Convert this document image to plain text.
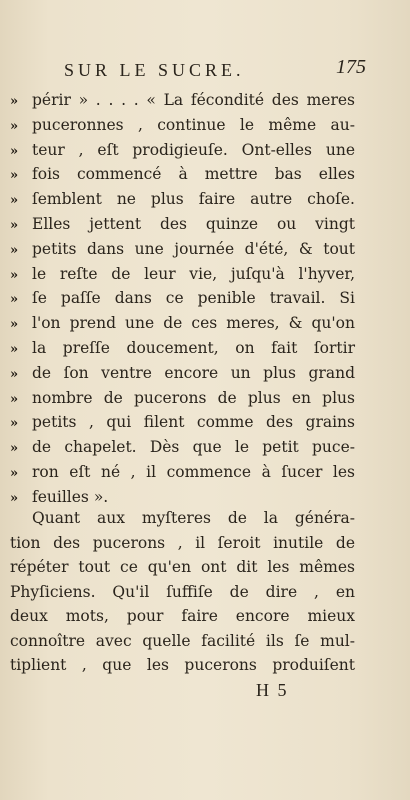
SUR LE SUCRE.	175
» périr » . . . . « La fécondité des meres
» puceronnes , continue le même au-
» teur , eſt prodigieuſe. Ont-elles une
» fois commencé à mettre bas elles
» ſemblent ne plus faire autre choſe.
» Elles jettent des quinze ou vingt
» petits dans une journée d'été, & tout
» le reſte de leur vie, juſqu'à l'hyver,
» ſe paſſe dans ce penible travail. Si
» l'on prend une de ces meres, & qu'on
» la preſſe doucement, on fait ſortir
» de ſon ventre encore un plus grand
» nombre de pucerons de plus en plus
» petits , qui filent comme des grains
» de chapelet. Dès que le petit puce-
» ron eſt né , il commence à ſucer les
» feuilles ».
Quant aux myſteres de la généra-
tion des pucerons , il ſeroit inutile de
répéter tout ce qu'en ont dit les mêmes
Phyſiciens. Qu'il ſuffiſe de dire , en
deux mots, pour faire encore mieux
connoître avec quelle facilité ils ſe mul-
tiplient , que les pucerons produiſent
H 5
